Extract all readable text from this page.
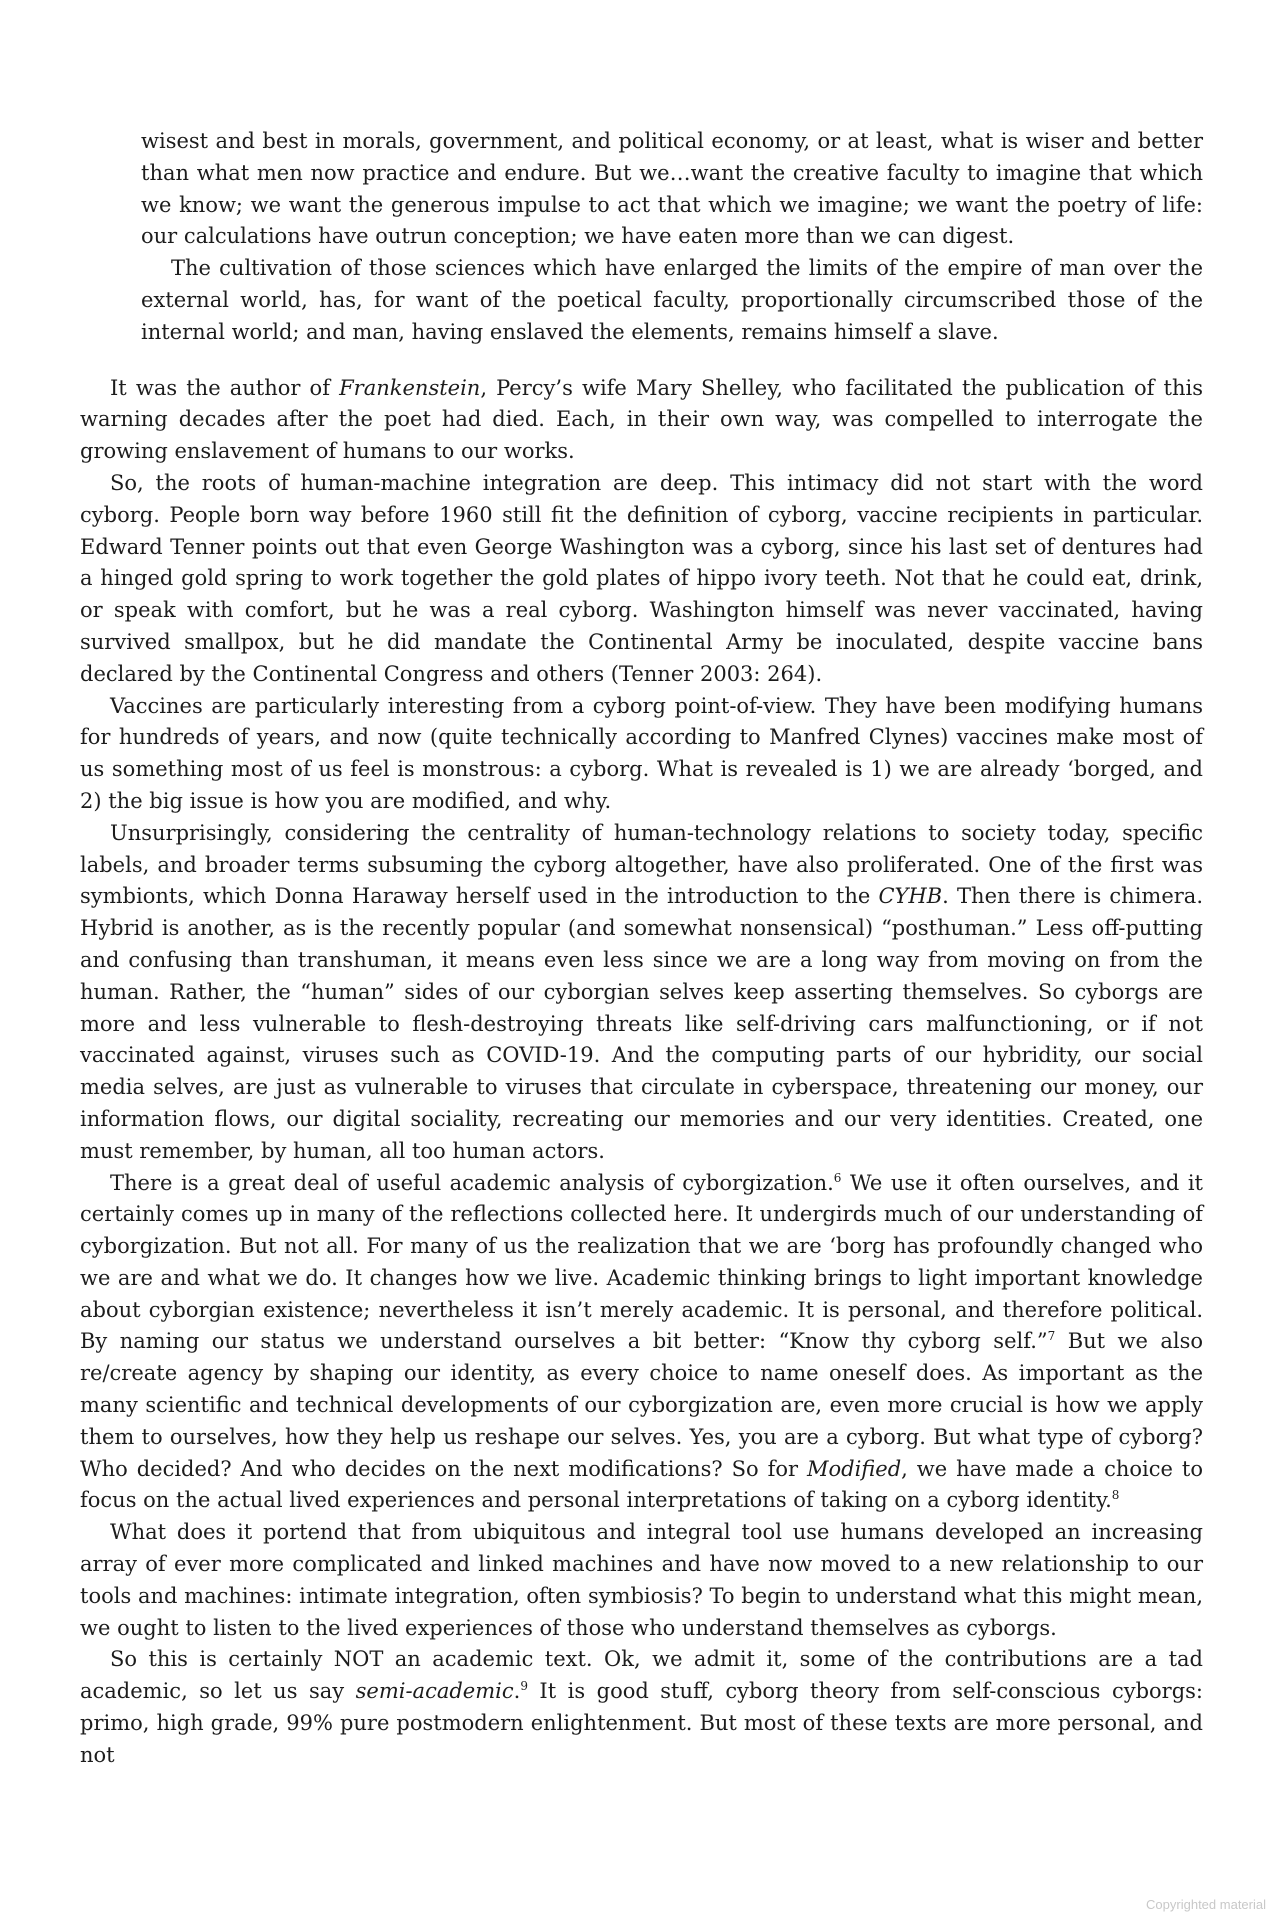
wisest and best in morals, government, and political economy, or at least, what is wiser and better than what men now practice and endure. But we…want the creative faculty to imagine that which we know; we want the generous impulse to act that which we imagine; we want the poetry of life: our calculations have outrun conception; we have eaten more than we can digest.

The cultivation of those sciences which have enlarged the limits of the empire of man over the external world, has, for want of the poetical faculty, proportionally circumscribed those of the internal world; and man, having enslaved the elements, remains himself a slave.

It was the author of Frankenstein, Percy’s wife Mary Shelley, who facilitated the publication of this warning decades after the poet had died. Each, in their own way, was compelled to interrogate the growing enslavement of humans to our works.

So, the roots of human-machine integration are deep. This intimacy did not start with the word cyborg. People born way before 1960 still fit the definition of cyborg, vaccine recipients in particular. Edward Tenner points out that even George Washington was a cyborg, since his last set of dentures had a hinged gold spring to work together the gold plates of hippo ivory teeth. Not that he could eat, drink, or speak with comfort, but he was a real cyborg. Washington himself was never vaccinated, having survived smallpox, but he did mandate the Continental Army be inoculated, despite vaccine bans declared by the Continental Congress and others (Tenner 2003: 264).

Vaccines are particularly interesting from a cyborg point-of-view. They have been modifying humans for hundreds of years, and now (quite technically according to Manfred Clynes) vaccines make most of us something most of us feel is monstrous: a cyborg. What is revealed is 1) we are already ‘borged, and 2) the big issue is how you are modified, and why.

Unsurprisingly, considering the centrality of human-technology relations to society today, specific labels, and broader terms subsuming the cyborg altogether, have also proliferated. One of the first was symbionts, which Donna Haraway herself used in the introduction to the CYHB. Then there is chimera. Hybrid is another, as is the recently popular (and somewhat nonsensical) “posthuman.” Less off-putting and confusing than transhuman, it means even less since we are a long way from moving on from the human. Rather, the “human” sides of our cyborgian selves keep asserting themselves. So cyborgs are more and less vulnerable to flesh-destroying threats like self-driving cars malfunctioning, or if not vaccinated against, viruses such as COVID-19. And the computing parts of our hybridity, our social media selves, are just as vulnerable to viruses that circulate in cyberspace, threatening our money, our information flows, our digital sociality, recreating our memories and our very identities. Created, one must remember, by human, all too human actors.

There is a great deal of useful academic analysis of cyborgization.$^6$ We use it often ourselves, and it certainly comes up in many of the reflections collected here. It undergirds much of our understanding of cyborgization. But not all. For many of us the realization that we are ‘borg has profoundly changed who we are and what we do. It changes how we live. Academic thinking brings to light important knowledge about cyborgian existence; nevertheless it isn’t merely academic. It is personal, and therefore political. By naming our status we understand ourselves a bit better: “Know thy cyborg self.”$^7$ But we also re/create agency by shaping our identity, as every choice to name oneself does. As important as the many scientific and technical developments of our cyborgization are, even more crucial is how we apply them to ourselves, how they help us reshape our selves. Yes, you are a cyborg. But what type of cyborg? Who decided? And who decides on the next modifications? So for Modified, we have made a choice to focus on the actual lived experiences and personal interpretations of taking on a cyborg identity.$^8$

What does it portend that from ubiquitous and integral tool use humans developed an increasing array of ever more complicated and linked machines and have now moved to a new relationship to our tools and machines: intimate integration, often symbiosis? To begin to understand what this might mean, we ought to listen to the lived experiences of those who understand themselves as cyborgs.

So this is certainly NOT an academic text. Ok, we admit it, some of the contributions are a tad academic, so let us say semi-academic.$^9$ It is good stuff, cyborg theory from self-conscious cyborgs: primo, high grade, 99% pure postmodern enlightenment. But most of these texts are more personal, and not

Copyrighted material
